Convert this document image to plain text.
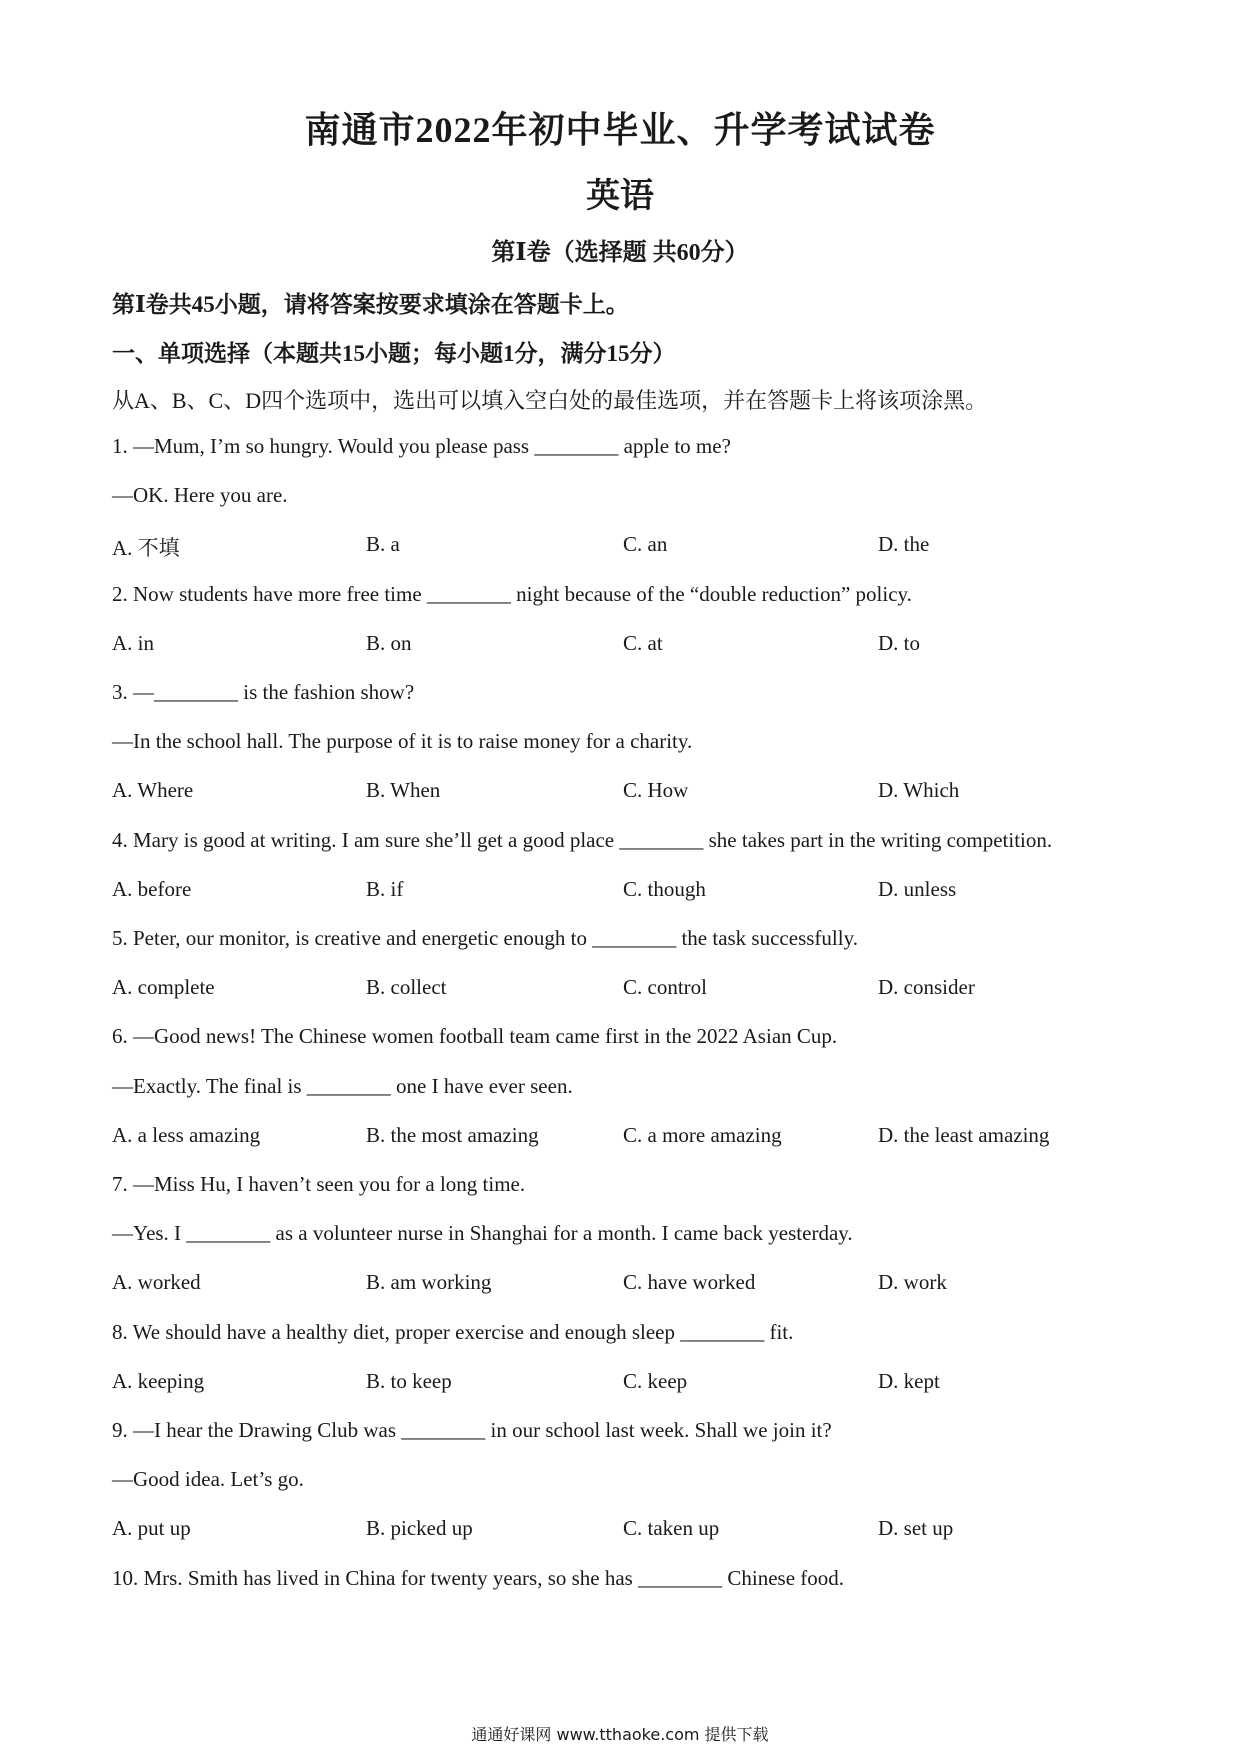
南通市2022年初中毕业、升学考试试卷
英语
第Ⅰ卷（选择题 共60分）
第Ⅰ卷共45小题，请将答案按要求填涂在答题卡上。
一、单项选择（本题共15小题；每小题1分，满分15分）
从A、B、C、D四个选项中，选出可以填入空白处的最佳选项，并在答题卡上将该项涂黑。
1. —Mum, I’m so hungry. Would you please pass ________ apple to me?
—OK. Here you are.
A. 不填	B. a	C. an	D. the
2. Now students have more free time ________ night because of the “double reduction” policy.
A. in	B. on	C. at	D. to
3. —________ is the fashion show?
—In the school hall. The purpose of it is to raise money for a charity.
A. Where	B. When	C. How	D. Which
4. Mary is good at writing. I am sure she’ll get a good place ________ she takes part in the writing competition.
A. before	B. if	C. though	D. unless
5. Peter, our monitor, is creative and energetic enough to ________ the task successfully.
A. complete	B. collect	C. control	D. consider
6. —Good news! The Chinese women football team came first in the 2022 Asian Cup.
—Exactly. The final is ________ one I have ever seen.
A. a less amazing	B. the most amazing	C. a more amazing	D. the least amazing
7. —Miss Hu, I haven’t seen you for a long time.
—Yes. I ________ as a volunteer nurse in Shanghai for a month. I came back yesterday.
A. worked	B. am working	C. have worked	D. work
8. We should have a healthy diet, proper exercise and enough sleep ________ fit.
A. keeping	B. to keep	C. keep	D. kept
9. —I hear the Drawing Club was ________ in our school last week. Shall we join it?
—Good idea. Let’s go.
A. put up	B. picked up	C. taken up	D. set up
10. Mrs. Smith has lived in China for twenty years, so she has ________ Chinese food.
通通好课网 www.tthaoke.com 提供下载
